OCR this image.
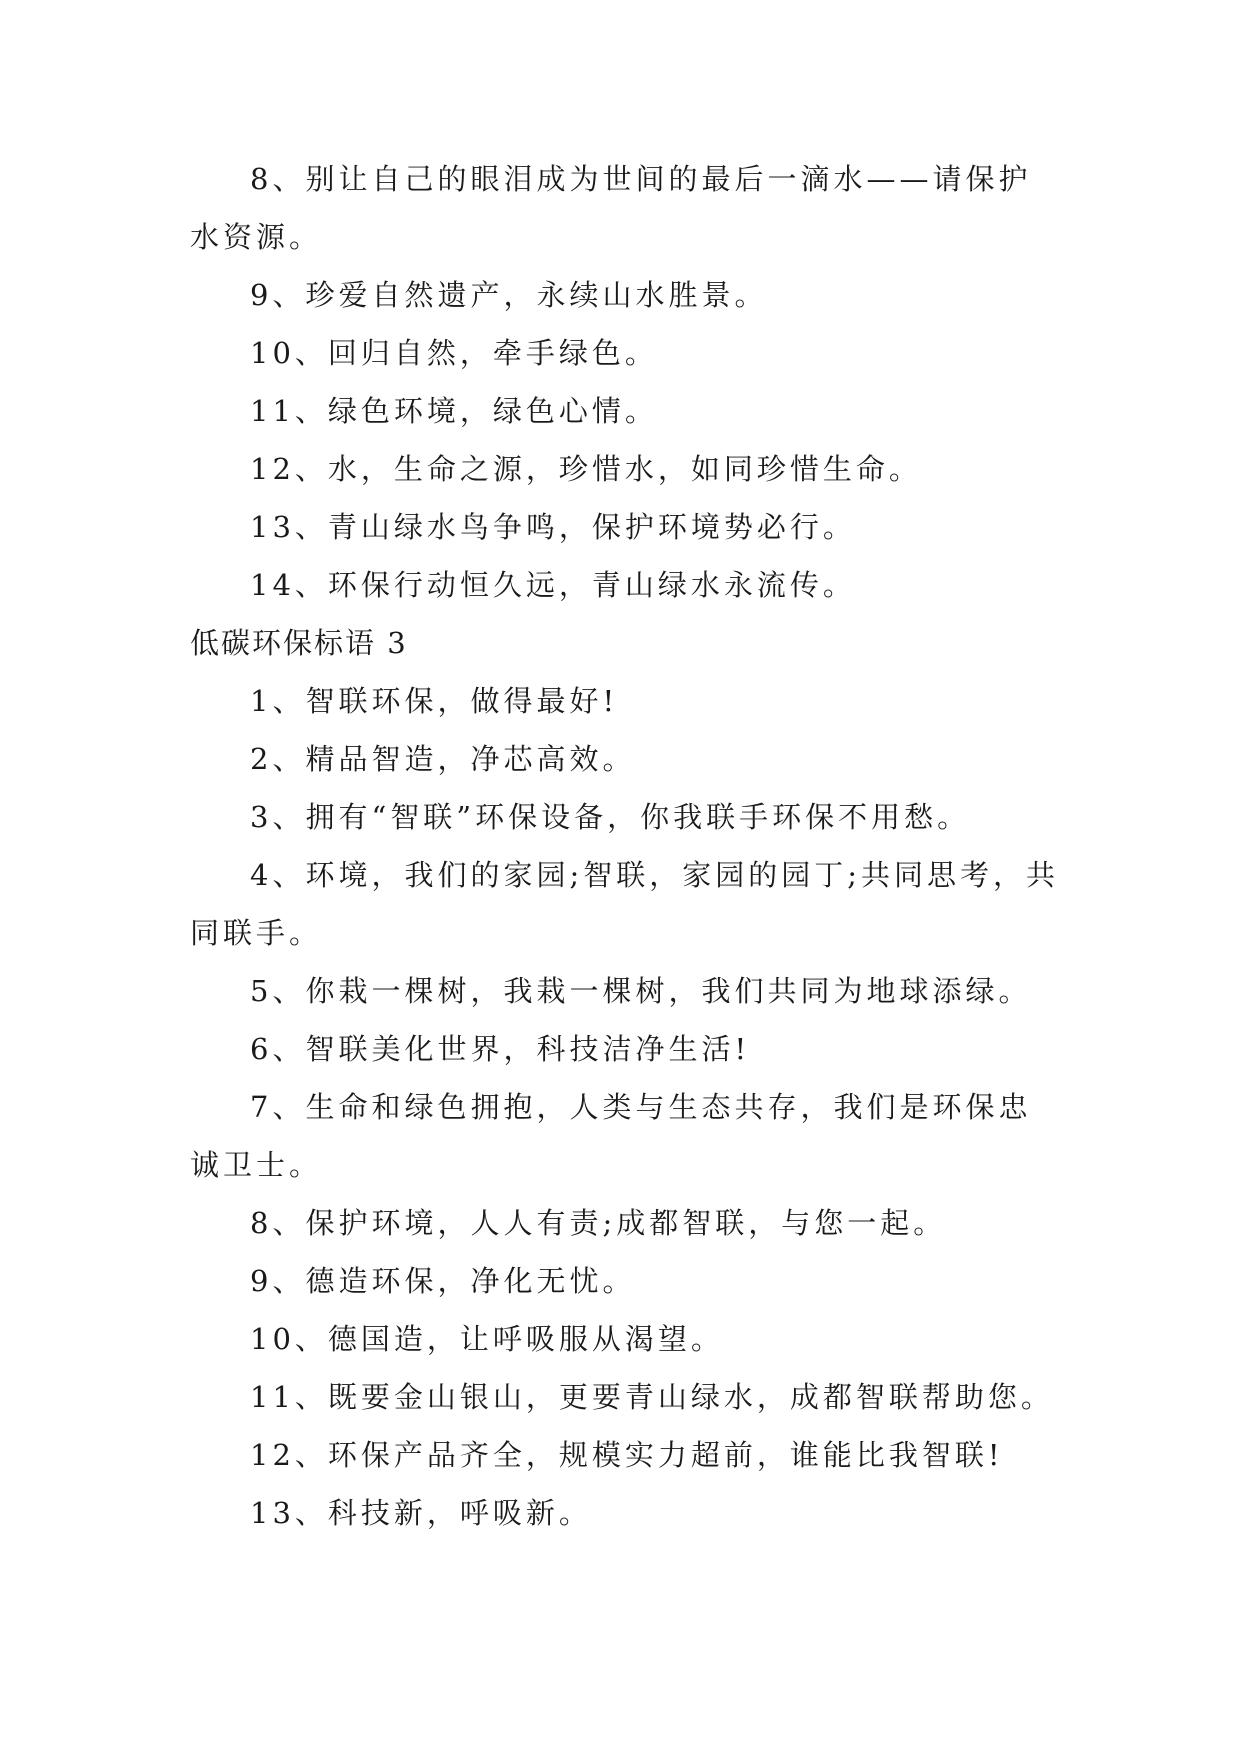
8、别让自己的眼泪成为世间的最后一滴水——请保护水资源。

9、珍爱自然遗产，永续山水胜景。

10、回归自然，牵手绿色。

11、绿色环境，绿色心情。

12、水，生命之源，珍惜水，如同珍惜生命。

13、青山绿水鸟争鸣，保护环境势必行。

14、环保行动恒久远，青山绿水永流传。

低碳环保标语 3

1、智联环保，做得最好!

2、精品智造，净芯高效。

3、拥有“智联”环保设备，你我联手环保不用愁。

4、环境，我们的家园;智联，家园的园丁;共同思考，共同联手。

5、你栽一棵树，我栽一棵树，我们共同为地球添绿。

6、智联美化世界，科技洁净生活!

7、生命和绿色拥抱，人类与生态共存，我们是环保忠诚卫士。

8、保护环境，人人有责;成都智联，与您一起。

9、德造环保，净化无忧。

10、德国造，让呼吸服从渴望。

11、既要金山银山，更要青山绿水，成都智联帮助您。

12、环保产品齐全，规模实力超前，谁能比我智联!

13、科技新，呼吸新。
